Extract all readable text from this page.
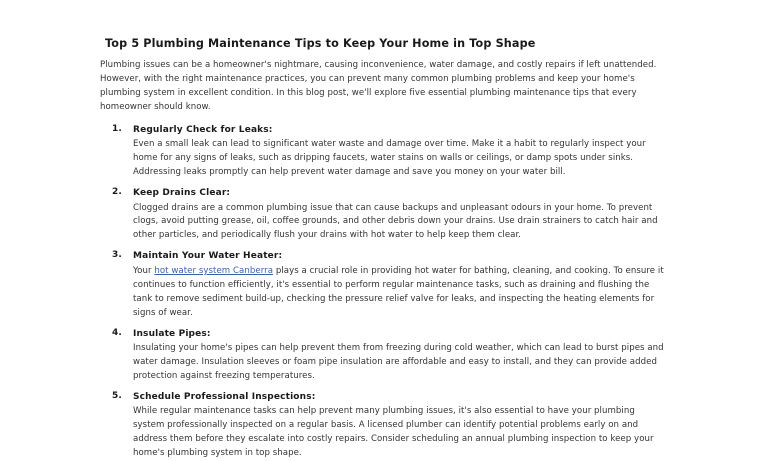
Top 5 Plumbing Maintenance Tips to Keep Your Home in Top Shape

Plumbing issues can be a homeowner's nightmare, causing inconvenience, water damage, and costly repairs if left unattended. However, with the right maintenance practices, you can prevent many common plumbing problems and keep your home's plumbing system in excellent condition. In this blog post, we'll explore five essential plumbing maintenance tips that every homeowner should know.

1. Regularly Check for Leaks:

Even a small leak can lead to significant water waste and damage over time. Make it a habit to regularly inspect your home for any signs of leaks, such as dripping faucets, water stains on walls or ceilings, or damp spots under sinks. Addressing leaks promptly can help prevent water damage and save you money on your water bill.

2. Keep Drains Clear:

Clogged drains are a common plumbing issue that can cause backups and unpleasant odours in your home. To prevent clogs, avoid putting grease, oil, coffee grounds, and other debris down your drains. Use drain strainers to catch hair and other particles, and periodically flush your drains with hot water to help keep them clear.

3. Maintain Your Water Heater:

Your hot water system Canberra plays a crucial role in providing hot water for bathing, cleaning, and cooking. To ensure it continues to function efficiently, it's essential to perform regular maintenance tasks, such as draining and flushing the tank to remove sediment build-up, checking the pressure relief valve for leaks, and inspecting the heating elements for signs of wear.

4. Insulate Pipes:

Insulating your home's pipes can help prevent them from freezing during cold weather, which can lead to burst pipes and water damage. Insulation sleeves or foam pipe insulation are affordable and easy to install, and they can provide added protection against freezing temperatures.

5. Schedule Professional Inspections:

While regular maintenance tasks can help prevent many plumbing issues, it's also essential to have your plumbing system professionally inspected on a regular basis. A licensed plumber can identify potential problems early on and address them before they escalate into costly repairs. Consider scheduling an annual plumbing inspection to keep your home's plumbing system in top shape.
